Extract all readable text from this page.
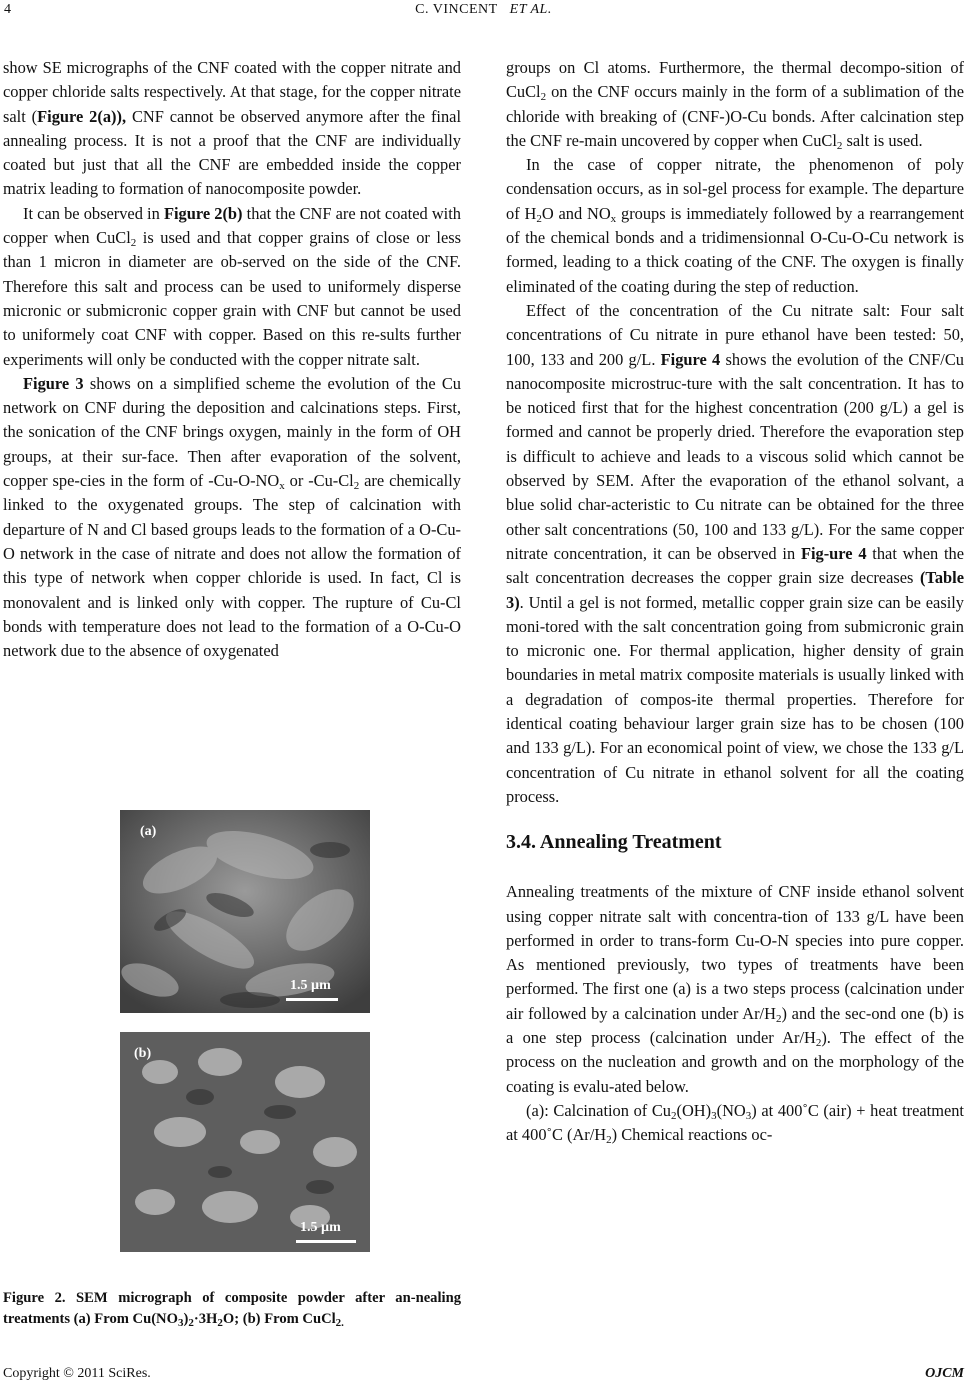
4	C. VINCENT ET AL.

show SE micrographs of the CNF coated with the copper nitrate and copper chloride salts respectively. At that stage, for the copper nitrate salt (Figure 2(a)), CNF cannot be observed anymore after the final annealing process. It is not a proof that the CNF are individually coated but just that all the CNF are embedded inside the copper matrix leading to formation of nanocomposite powder.

It can be observed in Figure 2(b) that the CNF are not coated with copper when CuCl$_2$ is used and that copper grains of close or less than 1 micron in diameter are ob-served on the side of the CNF. Therefore this salt and process can be used to uniformely disperse micronic or submicronic copper grain with CNF but cannot be used to uniformely coat CNF with copper. Based on this re-sults further experiments will only be conducted with the copper nitrate salt.

Figure 3 shows on a simplified scheme the evolution of the Cu network on CNF during the deposition and calcinations steps. First, the sonication of the CNF brings oxygen, mainly in the form of OH groups, at their sur-face. Then after evaporation of the solvent, copper spe-cies in the form of $-Cu-O-NO_x$ or $-Cu-Cl_2$ are chemically linked to the oxygenated groups. The step of calcination with departure of N and Cl based groups leads to the formation of a O-Cu-O network in the case of nitrate and does not allow the formation of this type of network when copper chloride is used. In fact, Cl is monovalent and is linked only with copper. The rupture of Cu-Cl bonds with temperature does not lead to the formation of a O-Cu-O network due to the absence of oxygenated

(a)
1.5 µm
(b)
1.5 µm
Figure 2. SEM micrograph of composite powder after an-nealing treatments (a) From $Cu(NO_3)_2\cdot 3H_2O$; (b) From CuCl$_{2.}$

groups on Cl atoms. Furthermore, the thermal decompo-sition of CuCl$_2$ on the CNF occurs mainly in the form of a sublimation of the chloride with breaking of (CNF-)O-Cu bonds. After calcination step the CNF re-main uncovered by copper when CuCl$_2$ salt is used.

In the case of copper nitrate, the phenomenon of poly condensation occurs, as in sol-gel process for example. The departure of $H_2O$ and $NO_x$ groups is immediately followed by a rearrangement of the chemical bonds and a tridimensionnal O-Cu-O-Cu network is formed, leading to a thick coating of the CNF. The oxygen is finally eliminated of the coating during the step of reduction.

Effect of the concentration of the Cu nitrate salt: Four salt concentrations of Cu nitrate in pure ethanol have been tested: 50, 100, 133 and 200 g/L. Figure 4 shows the evolution of the CNF/Cu nanocomposite microstruc-ture with the salt concentration. It has to be noticed first that for the highest concentration (200 g/L) a gel is formed and cannot be properly dried. Therefore the evaporation step is difficult to achieve and leads to a viscous solid which cannot be observed by SEM. After the evaporation of the ethanol solvant, a blue solid char-acteristic to Cu nitrate can be obtained for the three other salt concentrations (50, 100 and 133 g/L). For the same copper nitrate concentration, it can be observed in Fig-ure 4 that when the salt concentration decreases the copper grain size decreases (Table 3). Until a gel is not formed, metallic copper grain size can be easily moni-tored with the salt concentration going from submicronic grain to micronic one. For thermal application, higher density of grain boundaries in metal matrix composite materials is usually linked with a degradation of compos-ite thermal properties. Therefore for identical coating behaviour larger grain size has to be chosen (100 and 133 g/L). For an economical point of view, we chose the 133 g/L concentration of Cu nitrate in ethanol solvent for all the coating process.

3.4. Annealing Treatment

Annealing treatments of the mixture of CNF inside ethanol solvent using copper nitrate salt with concentra-tion of 133 g/L have been performed in order to trans-form Cu-O-N species into pure copper. As mentioned previously, two types of treatments have been performed. The first one (a) is a two steps process (calcination under air followed by a calcination under $Ar/H_2$) and the sec-ond one (b) is a one step process (calcination under $Ar/H_2$). The effect of the process on the nucleation and growth and on the morphology of the coating is evalu-ated below.

(a): Calcination of $Cu_2(OH)_3(NO_3)$ at 400˚C (air) + heat treatment at 400˚C $(Ar/H_2)$ Chemical reactions oc-

Copyright © 2011 SciRes.	OJCM
